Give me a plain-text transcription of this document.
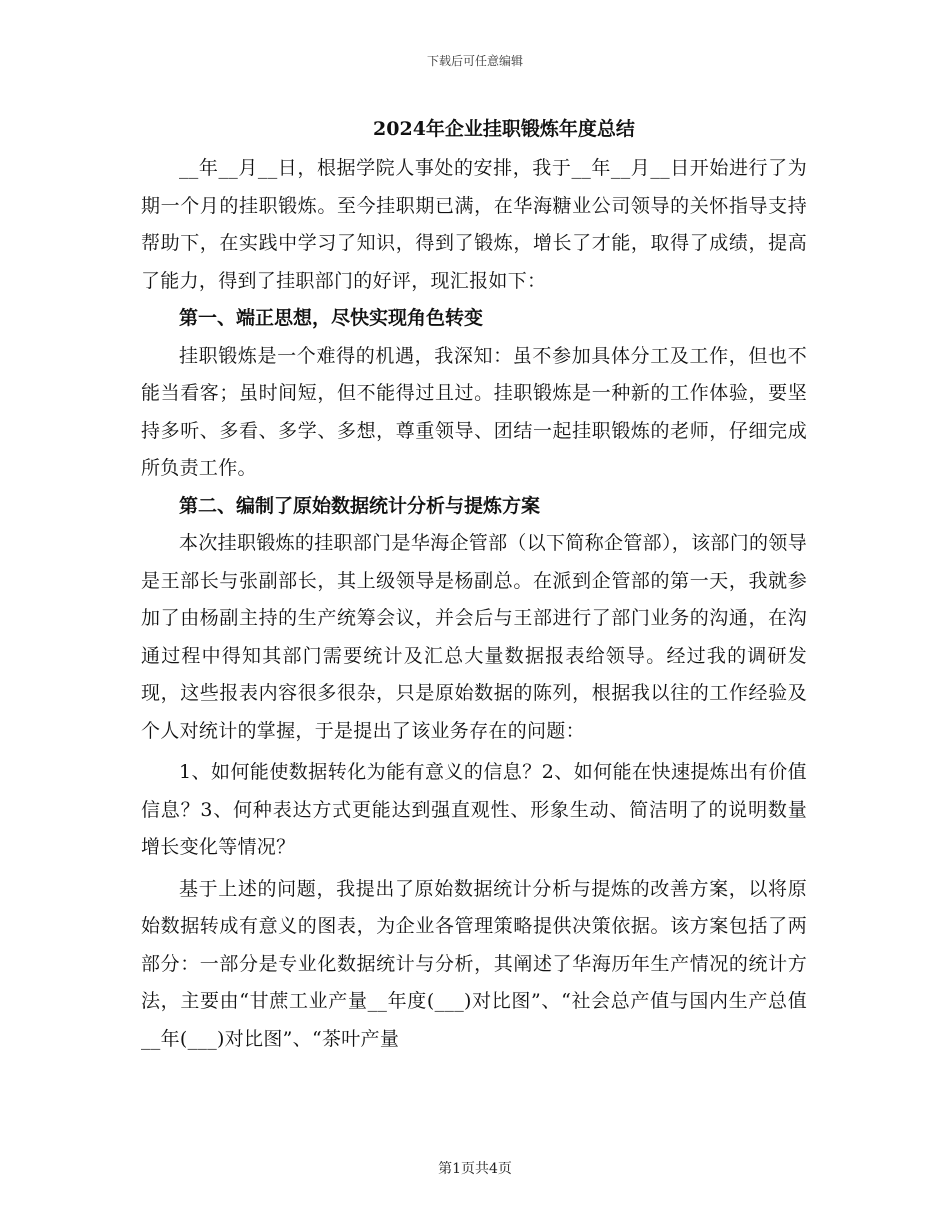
下载后可任意编辑
2024年企业挂职锻炼年度总结

__年__月__日，根据学院人事处的安排，我于__年__月__日开始进行了为期一个月的挂职锻炼。至今挂职期已满，在华海糖业公司领导的关怀指导支持帮助下，在实践中学习了知识，得到了锻炼，增长了才能，取得了成绩，提高了能力，得到了挂职部门的好评，现汇报如下：

第一、端正思想，尽快实现角色转变

挂职锻炼是一个难得的机遇，我深知：虽不参加具体分工及工作，但也不能当看客；虽时间短，但不能得过且过。挂职锻炼是一种新的工作体验，要坚持多听、多看、多学、多想，尊重领导、团结一起挂职锻炼的老师，仔细完成所负责工作。

第二、编制了原始数据统计分析与提炼方案

本次挂职锻炼的挂职部门是华海企管部（以下简称企管部），该部门的领导是王部长与张副部长，其上级领导是杨副总。在派到企管部的第一天，我就参加了由杨副主持的生产统筹会议，并会后与王部进行了部门业务的沟通，在沟通过程中得知其部门需要统计及汇总大量数据报表给领导。经过我的调研发现，这些报表内容很多很杂，只是原始数据的陈列，根据我以往的工作经验及个人对统计的掌握，于是提出了该业务存在的问题：

1、如何能使数据转化为能有意义的信息？2、如何能在快速提炼出有价值信息？3、何种表达方式更能达到强直观性、形象生动、简洁明了的说明数量增长变化等情况？

基于上述的问题，我提出了原始数据统计分析与提炼的改善方案，以将原始数据转成有意义的图表，为企业各管理策略提供决策依据。该方案包括了两部分：一部分是专业化数据统计与分析，其阐述了华海历年生产情况的统计方法，主要由“甘蔗工业产量__年度(___)对比图”、“社会总产值与国内生产总值__年(___)对比图”、“茶叶产量

第1页共4页
